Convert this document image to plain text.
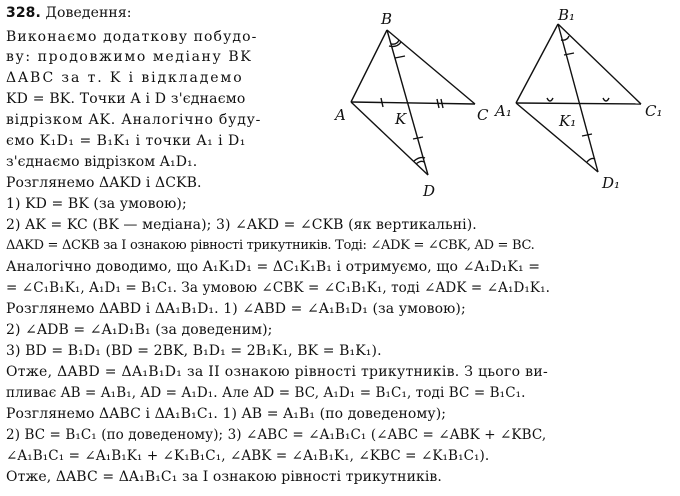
328. Доведення:

Виконаємо додаткову побудо-

ву: продовжимо медіану BK

ΔABC за т. K і відкладемо

KD = BK. Точки A і D з'єднаємо

відрізком AK. Аналогічно буду-

ємо K₁D₁ = B₁K₁ і точки A₁ і D₁

з'єднаємо відрізком A₁D₁.

Розглянемо ΔAKD і ΔCKB.

1) KD = BK (за умовою);

2) AK = KC (BK — медіана); 3) ∠AKD = ∠CKB (як вертикальні).

ΔAKD = ΔCKB за I ознакою рівності трикутників. Тоді: ∠ADK = ∠CBK, AD = BC.

Аналогічно доводимо, що A₁K₁D₁ = ΔC₁K₁B₁ і отримуємо, що ∠A₁D₁K₁ =

= ∠C₁B₁K₁, A₁D₁ = B₁C₁. За умовою ∠CBK = ∠C₁B₁K₁, тоді ∠ADK = ∠A₁D₁K₁.

Розглянемо ΔABD і ΔA₁B₁D₁. 1) ∠ABD = ∠A₁B₁D₁ (за умовою);

2) ∠ADB = ∠A₁D₁B₁ (за доведеним);

3) BD = B₁D₁ (BD = 2BK, B₁D₁ = 2B₁K₁, BK = B₁K₁).

Отже, ΔABD = ΔA₁B₁D₁ за II ознакою рівності трикутників. З цього ви-

пливає AB = A₁B₁, AD = A₁D₁. Але AD = BC, A₁D₁ = B₁C₁, тоді BC = B₁C₁.

Розглянемо ΔABC і ΔA₁B₁C₁. 1) AB = A₁B₁ (по доведеному);

2) BC = B₁C₁ (по доведеному); 3) ∠ABC = ∠A₁B₁C₁ (∠ABC = ∠ABK + ∠KBC,

∠A₁B₁C₁ = ∠A₁B₁K₁ + ∠K₁B₁C₁, ∠ABK = ∠A₁B₁K₁, ∠KBC = ∠K₁B₁C₁).

Отже, ΔABC = ΔA₁B₁C₁ за I ознакою рівності трикутників.

B
A	C
K
D
B₁
A₁	C₁
K₁
D₁
